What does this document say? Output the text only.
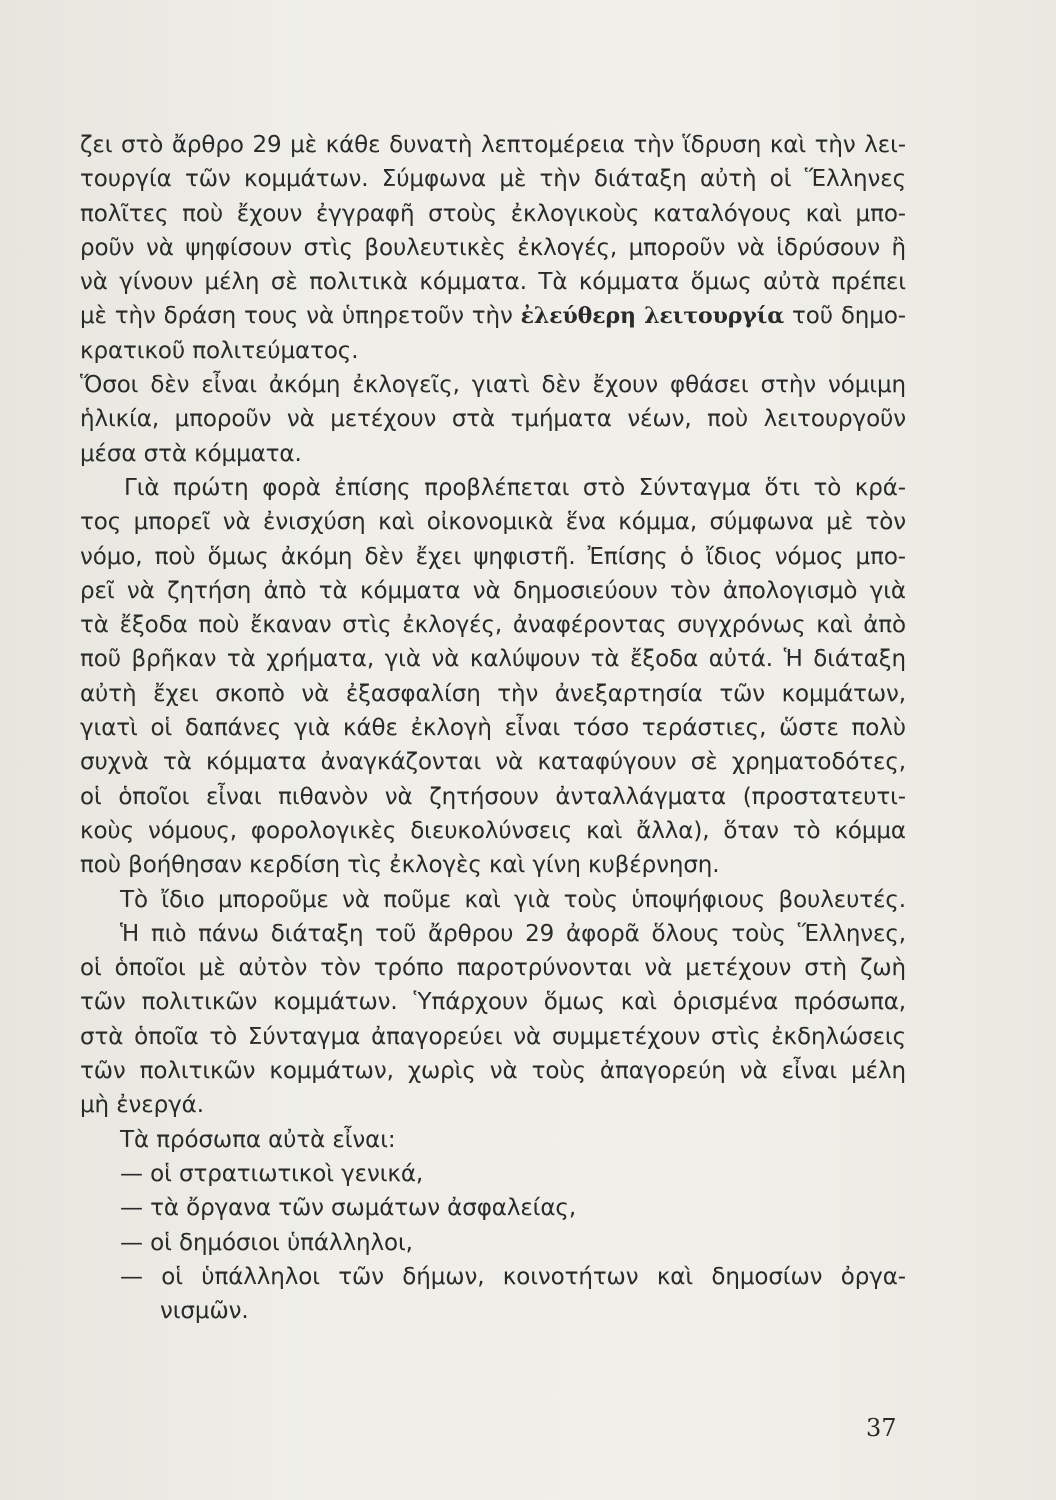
ζει στὸ ἄρθρο 29 μὲ κάθε δυνατὴ λεπτομέρεια τὴν ἵδρυση καὶ τὴν λει-
τουργία τῶν κομμάτων. Σύμφωνα μὲ τὴν διάταξη αὐτὴ οἱ Ἕλληνες
πολῖτες ποὺ ἔχουν ἐγγραφῆ στοὺς ἐκλογικοὺς καταλόγους καὶ μπο-
ροῦν νὰ ψηφίσουν στὶς βουλευτικὲς ἐκλογές, μποροῦν νὰ ἱδρύσουν ἢ
νὰ γίνουν μέλη σὲ πολιτικὰ κόμματα. Τὰ κόμματα ὅμως αὐτὰ πρέπει
μὲ τὴν δράση τους νὰ ὑπηρετοῦν τὴν ἐλεύθερη λειτουργία τοῦ δημο-
κρατικοῦ πολιτεύματος.
Ὅσοι δὲν εἶναι ἀκόμη ἐκλογεῖς, γιατὶ δὲν ἔχουν φθάσει στὴν νόμιμη
ἡλικία, μποροῦν νὰ μετέχουν στὰ τμήματα νέων, ποὺ λειτουργοῦν
μέσα στὰ κόμματα.
Γιὰ πρώτη φορὰ ἐπίσης προβλέπεται στὸ Σύνταγμα ὅτι τὸ κρά-
τος μπορεῖ νὰ ἐνισχύση καὶ οἰκονομικὰ ἕνα κόμμα, σύμφωνα μὲ τὸν
νόμο, ποὺ ὅμως ἀκόμη δὲν ἔχει ψηφιστῆ. Ἐπίσης ὁ ἴδιος νόμος μπο-
ρεῖ νὰ ζητήση ἀπὸ τὰ κόμματα νὰ δημοσιεύουν τὸν ἀπολογισμὸ γιὰ
τὰ ἔξοδα ποὺ ἔκαναν στὶς ἐκλογές, ἀναφέροντας συγχρόνως καὶ ἀπὸ
ποῦ βρῆκαν τὰ χρήματα, γιὰ νὰ καλύψουν τὰ ἔξοδα αὐτά. Ἡ διάταξη
αὐτὴ ἔχει σκοπὸ νὰ ἐξασφαλίση τὴν ἀνεξαρτησία τῶν κομμάτων,
γιατὶ οἱ δαπάνες γιὰ κάθε ἐκλογὴ εἶναι τόσο τεράστιες, ὥστε πολὺ
συχνὰ τὰ κόμματα ἀναγκάζονται νὰ καταφύγουν σὲ χρηματοδότες,
οἱ ὁποῖοι εἶναι πιθανὸν νὰ ζητήσουν ἀνταλλάγματα (προστατευτι-
κοὺς νόμους, φορολογικὲς διευκολύνσεις καὶ ἄλλα), ὅταν τὸ κόμμα
ποὺ βοήθησαν κερδίση τὶς ἐκλογὲς καὶ γίνη κυβέρνηση.
Τὸ ἴδιο μποροῦμε νὰ ποῦμε καὶ γιὰ τοὺς ὑποψήφιους βουλευτές.
Ἡ πιὸ πάνω διάταξη τοῦ ἄρθρου 29 ἀφορᾶ ὅλους τοὺς Ἕλληνες,
οἱ ὁποῖοι μὲ αὐτὸν τὸν τρόπο παροτρύνονται νὰ μετέχουν στὴ ζωὴ
τῶν πολιτικῶν κομμάτων. Ὑπάρχουν ὅμως καὶ ὁρισμένα πρόσωπα,
στὰ ὁποῖα τὸ Σύνταγμα ἀπαγορεύει νὰ συμμετέχουν στὶς ἐκδηλώσεις
τῶν πολιτικῶν κομμάτων, χωρὶς νὰ τοὺς ἀπαγορεύη νὰ εἶναι μέλη
μὴ ἐνεργά.
Τὰ πρόσωπα αὐτὰ εἶναι:
— οἱ στρατιωτικοὶ γενικά,
— τὰ ὄργανα τῶν σωμάτων ἀσφαλείας,
— οἱ δημόσιοι ὑπάλληλοι,
— οἱ ὑπάλληλοι τῶν δήμων, κοινοτήτων καὶ δημοσίων ὀργα-
νισμῶν.
37
